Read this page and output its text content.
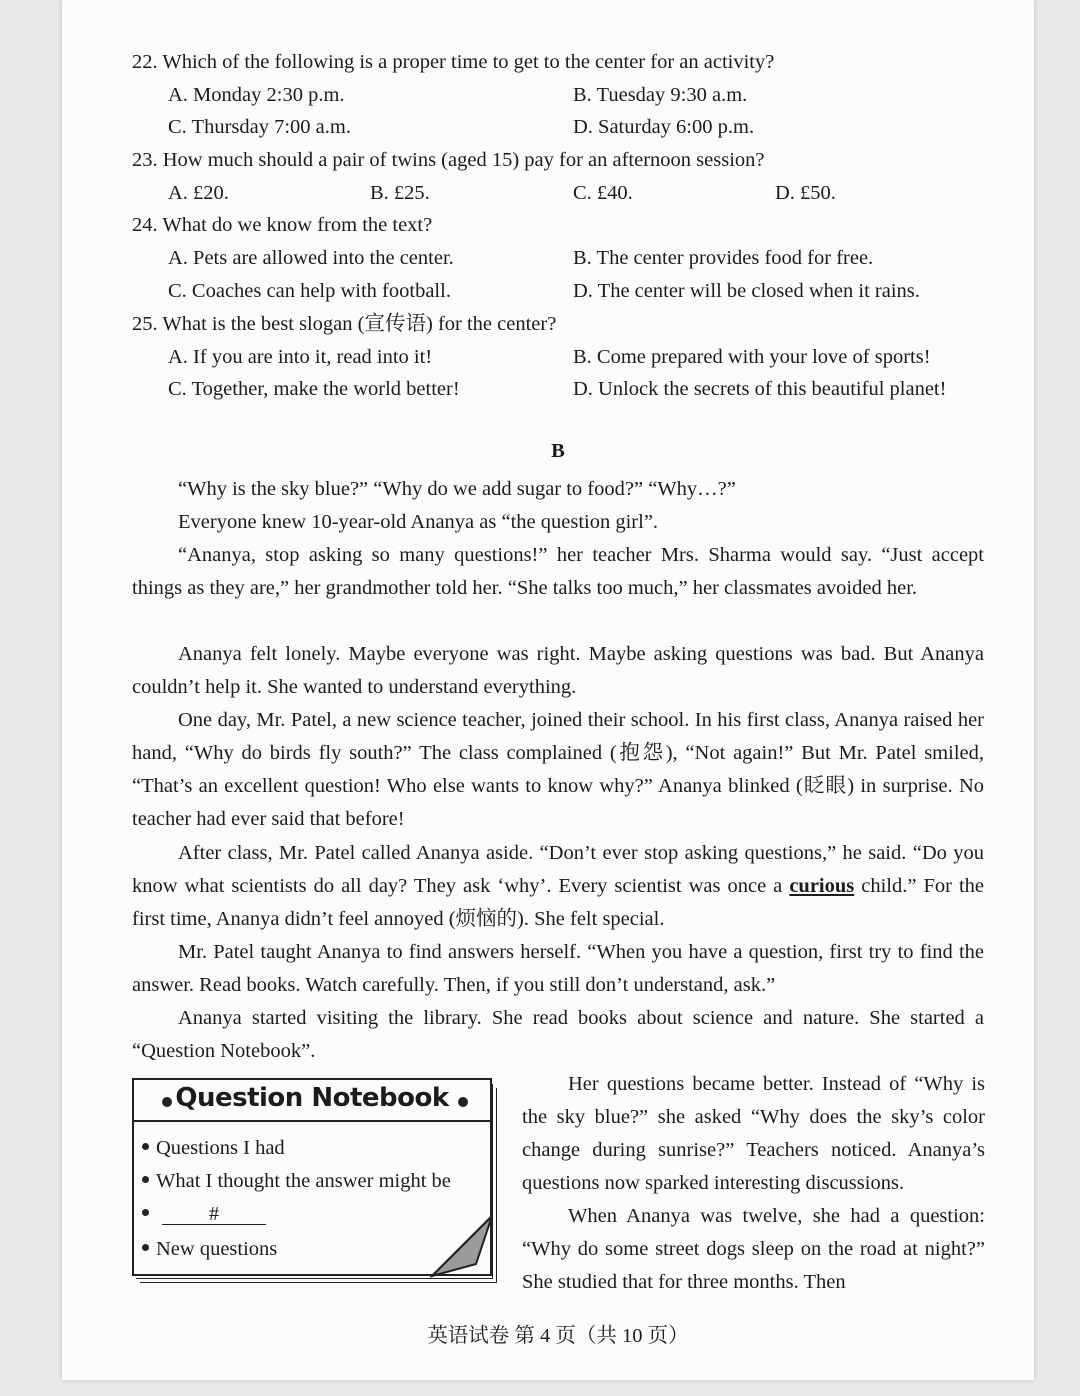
22. Which of the following is a proper time to get to the center for an activity?
A. Monday 2:30 p.m.	B. Tuesday 9:30 a.m.
C. Thursday 7:00 a.m.	D. Saturday 6:00 p.m.
23. How much should a pair of twins (aged 15) pay for an afternoon session?
A. £20.	B. £25.	C. £40.	D. £50.
24. What do we know from the text?
A. Pets are allowed into the center.	B. The center provides food for free.
C. Coaches can help with football.	D. The center will be closed when it rains.
25. What is the best slogan (宣传语) for the center?
A. If you are into it, read into it!	B. Come prepared with your love of sports!
C. Together, make the world better!	D. Unlock the secrets of this beautiful planet!
B
“Why is the sky blue?” “Why do we add sugar to food?” “Why…?”
Everyone knew 10-year-old Ananya as “the question girl”.
“Ananya, stop asking so many questions!” her teacher Mrs. Sharma would say. “Just accept things as they are,” her grandmother told her. “She talks too much,” her classmates avoided her.
Ananya felt lonely. Maybe everyone was right. Maybe asking questions was bad. But Ananya couldn’t help it. She wanted to understand everything.
One day, Mr. Patel, a new science teacher, joined their school. In his first class, Ananya raised her hand, “Why do birds fly south?” The class complained (抱怨), “Not again!” But Mr. Patel smiled, “That’s an excellent question! Who else wants to know why?” Ananya blinked (眨眼) in surprise. No teacher had ever said that before!
After class, Mr. Patel called Ananya aside. “Don’t ever stop asking questions,” he said. “Do you know what scientists do all day? They ask ‘why’. Every scientist was once a curious child.” For the first time, Ananya didn’t feel annoyed (烦恼的). She felt special.
Mr. Patel taught Ananya to find answers herself. “When you have a question, first try to find the answer. Read books. Watch carefully. Then, if you still don’t understand, ask.”
Ananya started visiting the library. She read books about science and nature. She started a “Question Notebook”.
Question Notebook
Questions I had
What I thought the answer might be
#
New questions
Her questions became better. Instead of “Why is the sky blue?” she asked “Why does the sky’s color change during sunrise?” Teachers noticed. Ananya’s questions now sparked interesting discussions.
When Ananya was twelve, she had a question: “Why do some street dogs sleep on the road at night?” She studied that for three months. Then
英语试卷 第 4 页（共 10 页）
